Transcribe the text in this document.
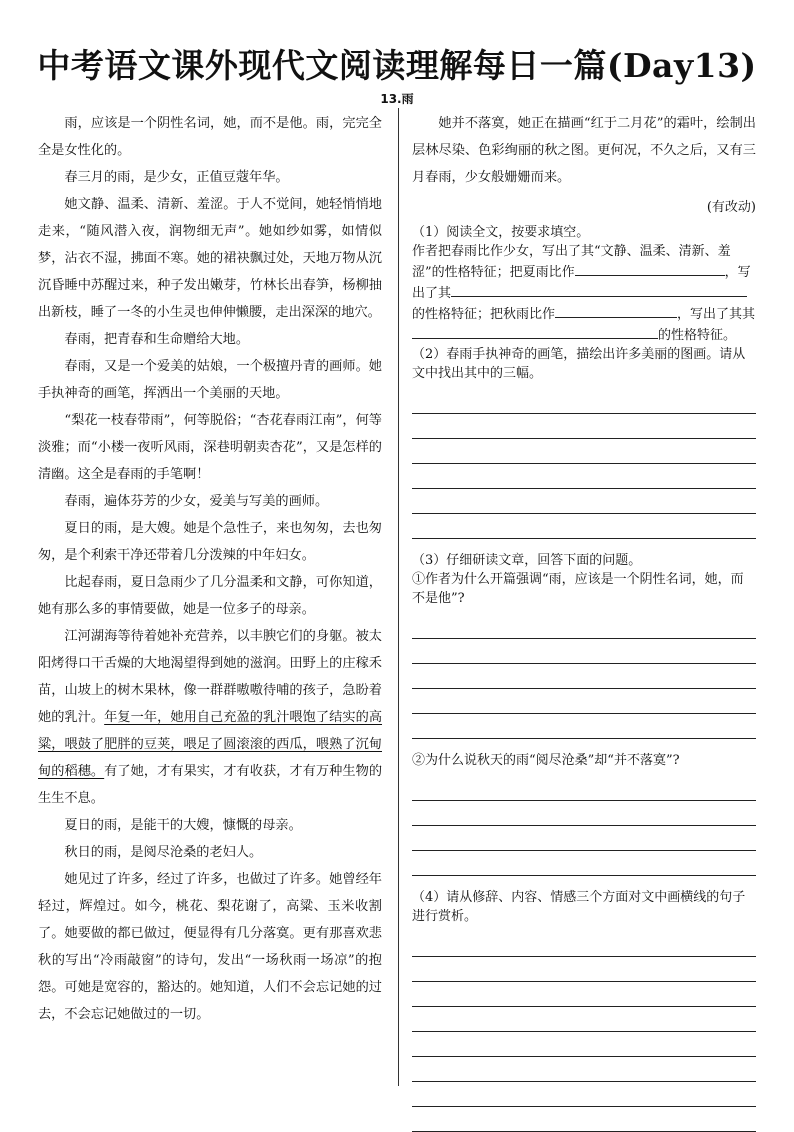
中考语文课外现代文阅读理解每日一篇(Day13)
13.雨

雨，应该是一个阴性名词，她，而不是他。雨，完完全全是女性化的。

春三月的雨，是少女，正值豆蔻年华。

她文静、温柔、清新、羞涩。于人不觉间，她轻悄悄地走来，“随风潜入夜，润物细无声”。她如纱如雾，如情似梦，沾衣不湿，拂面不寒。她的裙袂飘过处，天地万物从沉沉昏睡中苏醒过来，种子发出嫩芽，竹林长出春笋，杨柳抽出新枝，睡了一冬的小生灵也伸伸懒腰，走出深深的地穴。

春雨，把青春和生命赠给大地。

春雨，又是一个爱美的姑娘，一个极擅丹青的画师。她手执神奇的画笔，挥洒出一个美丽的天地。

“梨花一枝春带雨”，何等脱俗；“杏花春雨江南”，何等淡雅；而“小楼一夜听风雨，深巷明朝卖杏花”，又是怎样的清幽。这全是春雨的手笔啊！

春雨，遍体芬芳的少女，爱美与写美的画师。

夏日的雨，是大嫂。她是个急性子，来也匆匆，去也匆匆，是个利索干净还带着几分泼辣的中年妇女。

比起春雨，夏日急雨少了几分温柔和文静，可你知道，她有那么多的事情要做，她是一位多子的母亲。

江河湖海等待着她补充营养，以丰腴它们的身躯。被太阳烤得口干舌燥的大地渴望得到她的滋润。田野上的庄稼禾苗，山坡上的树木果林，像一群群嗷嗷待哺的孩子，急盼着她的乳汁。年复一年，她用自己充盈的乳汁喂饱了结实的高粱，喂鼓了肥胖的豆荚，喂足了圆滚滚的西瓜，喂熟了沉甸甸的稻穗。有了她，才有果实，才有收获，才有万种生物的生生不息。

夏日的雨，是能干的大嫂，慷慨的母亲。

秋日的雨，是阅尽沧桑的老妇人。

她见过了许多，经过了许多，也做过了许多。她曾经年轻过，辉煌过。如今，桃花、梨花谢了，高粱、玉米收割了。她要做的都已做过，便显得有几分落寞。更有那喜欢悲秋的写出“冷雨敲窗”的诗句，发出“一场秋雨一场凉”的抱怨。可她是宽容的，豁达的。她知道，人们不会忘记她的过去，不会忘记她做过的一切。

她并不落寞，她正在描画“红于二月花”的霜叶，绘制出层林尽染、色彩绚丽的秋之图。更何况，不久之后，又有三月春雨，少女般姗姗而来。

(有改动)

（1）阅读全文，按要求填空。

作者把春雨比作少女，写出了其“文静、温柔、清新、羞涩”的性格特征；把夏雨比作	，写出了其的性格特征；把秋雨比作	，写出了其其的性格特征。

（2）春雨手执神奇的画笔，描绘出许多美丽的图画。请从文中找出其中的三幅。

（3）仔细研读文章，回答下面的问题。

①作者为什么开篇强调“雨，应该是一个阴性名词，她，而不是他”?

②为什么说秋天的雨“阅尽沧桑”却“并不落寞”?

（4）请从修辞、内容、情感三个方面对文中画横线的句子进行赏析。
